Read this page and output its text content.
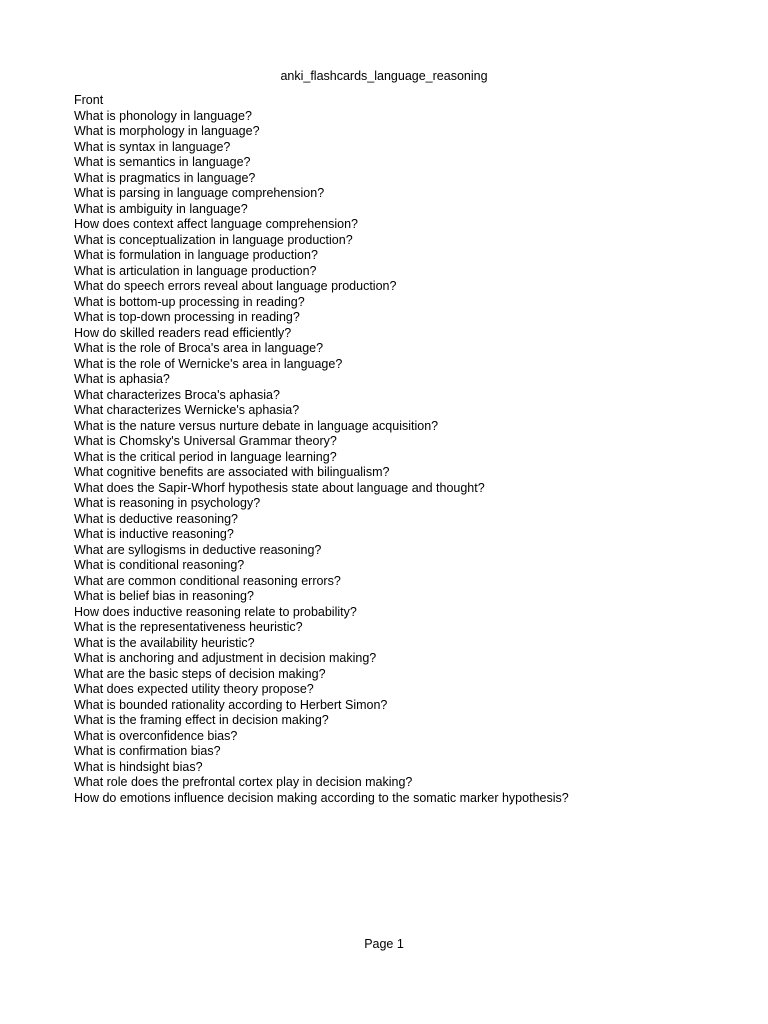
anki_flashcards_language_reasoning
Front
What is phonology in language?
What is morphology in language?
What is syntax in language?
What is semantics in language?
What is pragmatics in language?
What is parsing in language comprehension?
What is ambiguity in language?
How does context affect language comprehension?
What is conceptualization in language production?
What is formulation in language production?
What is articulation in language production?
What do speech errors reveal about language production?
What is bottom-up processing in reading?
What is top-down processing in reading?
How do skilled readers read efficiently?
What is the role of Broca's area in language?
What is the role of Wernicke's area in language?
What is aphasia?
What characterizes Broca's aphasia?
What characterizes Wernicke's aphasia?
What is the nature versus nurture debate in language acquisition?
What is Chomsky's Universal Grammar theory?
What is the critical period in language learning?
What cognitive benefits are associated with bilingualism?
What does the Sapir-Whorf hypothesis state about language and thought?
What is reasoning in psychology?
What is deductive reasoning?
What is inductive reasoning?
What are syllogisms in deductive reasoning?
What is conditional reasoning?
What are common conditional reasoning errors?
What is belief bias in reasoning?
How does inductive reasoning relate to probability?
What is the representativeness heuristic?
What is the availability heuristic?
What is anchoring and adjustment in decision making?
What are the basic steps of decision making?
What does expected utility theory propose?
What is bounded rationality according to Herbert Simon?
What is the framing effect in decision making?
What is overconfidence bias?
What is confirmation bias?
What is hindsight bias?
What role does the prefrontal cortex play in decision making?
How do emotions influence decision making according to the somatic marker hypothesis?
Page 1
